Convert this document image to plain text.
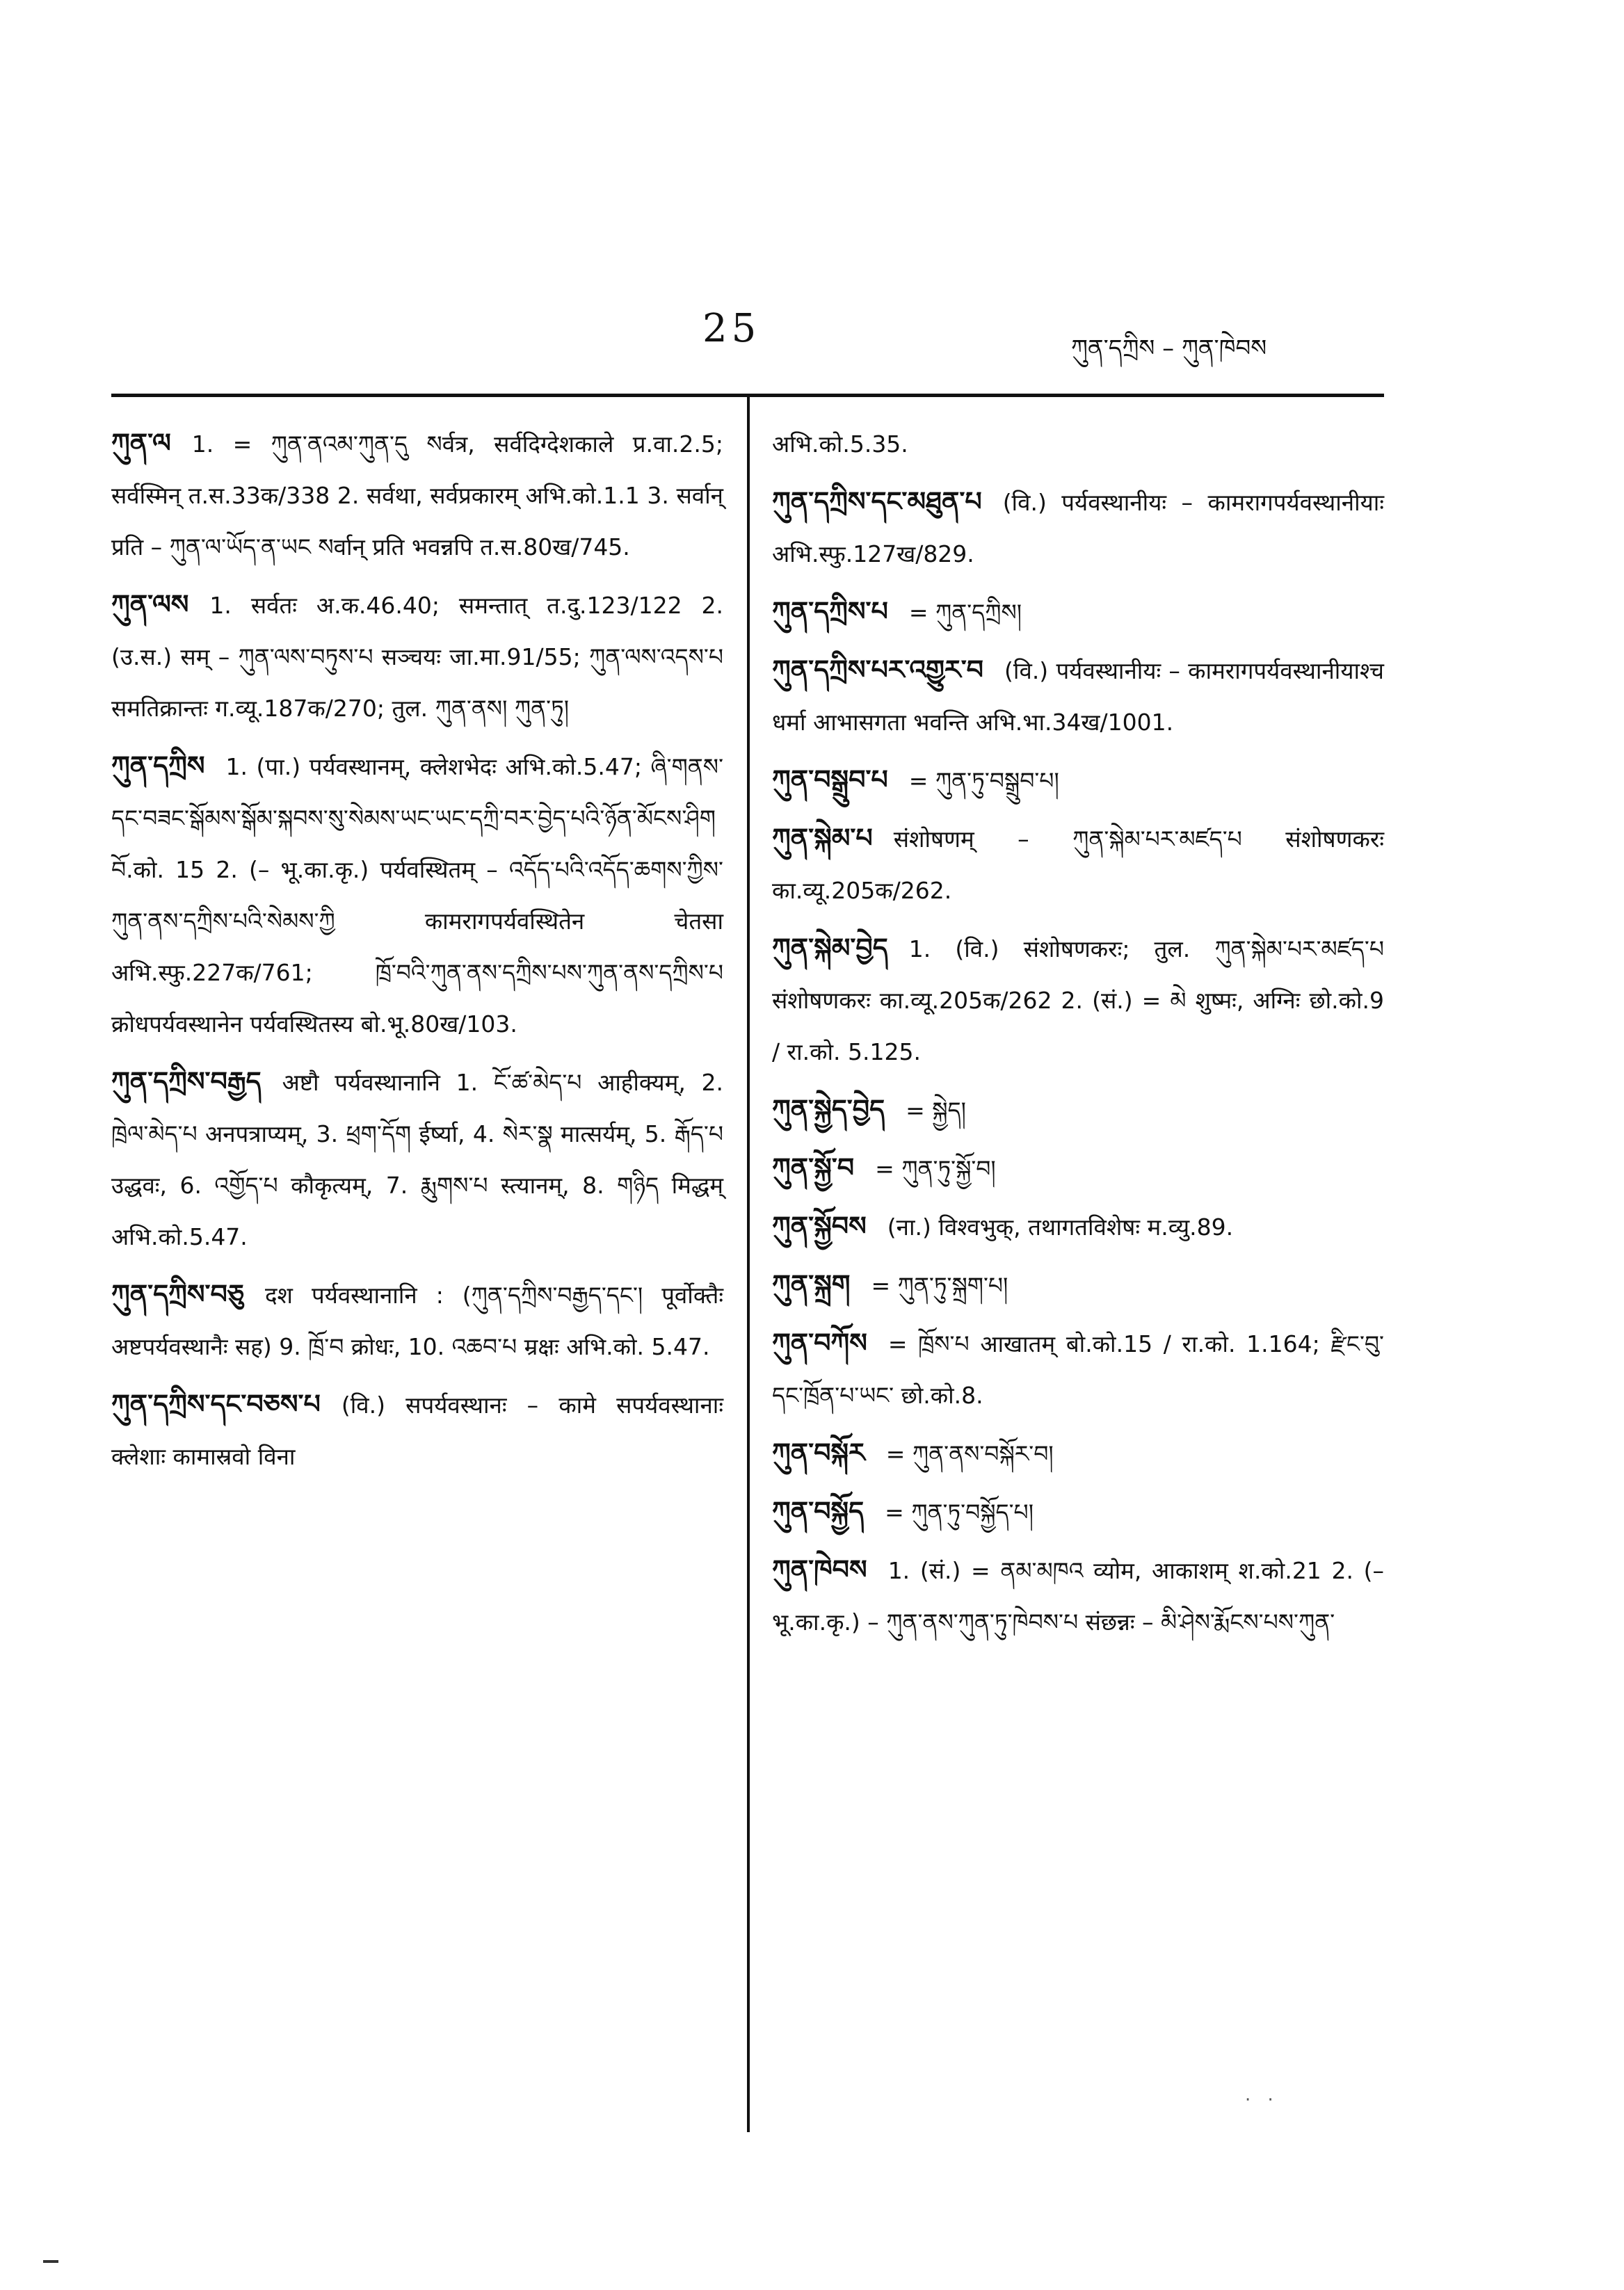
25	ཀུན་དཀྲིས – ཀུན་ཁེབས

ཀུན་ལ 1. = ཀུན་ནའམ་ཀུན་དུ སर्वत्र, सर्वदिग्देशकाले प्र.वा.2.5; सर्वस्मिन् त.स.33क/338 2. सर्वथा, सर्वप्रकारम् अभि.को.1.1 3. सर्वान् प्रति – ཀུན་ལ་ཡོད་ན་ཡང སर्वान् प्रति भवन्नपि त.स.80ख/745.

ཀུན་ལས 1. सर्वतः अ.क.46.40; समन्तात् त.दु.123/122 2. (उ.स.) सम् – ཀུན་ལས་བཏུས་པ सञ्चयः जा.मा.91/55; ཀུན་ལས་འདས་པ समतिक्रान्तः ग.व्यू.187क/270; तुल. ཀུན་ནས། ཀུན་ཏུ།

ཀུན་དཀྲིས 1. (पा.) पर्यवस्थानम्, क्लेशभेदः अभि.को.5.47; ཞི་གནས་དང་བཟང་སྒོམས་སྒོམ་སྐབས་སུ་སེམས་ཡང་ཡང་དཀྲི་བར་བྱེད་པའི་ཉོན་མོངས་ཤིག བོ.को. 15 2. (– भू.का.कृ.) पर्यवस्थितम् – འདོད་པའི་འདོད་ཆགས་ཀྱིས་ཀུན་ནས་དཀྲིས་པའི་སེམས་ཀྱི कामरागपर्यवस्थितेन चेतसा अभि.स्फु.227क/761; ཁྲོ་བའི་ཀུན་ནས་དཀྲིས་པས་ཀུན་ནས་དཀྲིས་པ क्रोधपर्यवस्थानेन पर्यवस्थितस्य बो.भू.80ख/103.

ཀུན་དཀྲིས་བརྒྱད अष्टौ पर्यवस्थानानि 1. ངོ་ཚ་མེད་པ आहीक्यम्, 2. ཁྲེལ་མེད་པ अनपत्राप्यम्, 3. ཕྲག་དོག ईर्ष्या, 4. སེར་སྣ मात्सर्यम्, 5. རྒོད་པ उद्धवः, 6. འགྱོད་པ कौकृत्यम्, 7. རྨུགས་པ स्त्यानम्, 8. གཉིད मिद्धम् अभि.को.5.47.

ཀུན་དཀྲིས་བཅུ दश पर्यवस्थानानि : (ཀུན་དཀྲིས་བརྒྱད་དང་། पूर्वोक्तैः अष्टपर्यवस्थानैः सह) 9. ཁྲོ་བ क्रोधः, 10. འཆབ་པ म्रक्षः अभि.को. 5.47.

ཀུན་དཀྲིས་དང་བཅས་པ (वि.) सपर्यवस्थानः – कामे सपर्यवस्थानाः क्लेशाः कामास्रवो विना

अभि.को.5.35.

ཀུན་དཀྲིས་དང་མཐུན་པ (वि.) पर्यवस्थानीयः – कामरागपर्यवस्थानीयाः अभि.स्फु.127ख/829.

ཀུན་དཀྲིས་པ = ཀུན་དཀྲིས།

ཀུན་དཀྲིས་པར་འགྱུར་བ (वि.) पर्यवस्थानीयः – कामरागपर्यवस्थानीयाश्च धर्मा आभासगता भवन्ति अभि.भा.34ख/1001.

ཀུན་བསྒྲུབ་པ = ཀུན་ཏུ་བསྒྲུབ་པ།

ཀུན་སྐེམ་པ संशोषणम् – ཀུན་སྐེམ་པར་མཛད་པ संशोषणकरः का.व्यू.205क/262.

ཀུན་སྐེམ་བྱེད 1. (वि.) संशोषणकरः; तुल. ཀུན་སྐེམ་པར་མཛད་པ संशोषणकरः का.व्यू.205क/262 2. (सं.) = མེ शुष्मः, अग्निः छो.को.9 / रा.को. 5.125.

ཀུན་སྐྱེད་བྱེད = སྐྱེད།

ཀུན་སྐྱོ་བ = ཀུན་ཏུ་སྐྱོ་བ།

ཀུན་སྐྱོབས (ना.) विश्वभुक्, तथागतविशेषः म.व्यु.89.

ཀུན་སྐྲག = ཀུན་ཏུ་སྐྲག་པ།

ཀུན་བཀོས = ཁྲོས་པ आखातम् बो.को.15 / रा.को. 1.164; རྫིང་བུ་དང་ཁྲོན་པ་ཡང་ छो.को.8.

ཀུན་བསྐོར = ཀུན་ནས་བསྐོར་བ།

ཀུན་བསྐྱོད = ཀུན་ཏུ་བསྐྱོད་པ།

ཀུན་ཁེབས 1. (सं.) = ནམ་མཁའ व्योम, आकाशम् श.को.21 2. (– भू.का.कृ.) – ཀུན་ནས་ཀུན་ཏུ་ཁེབས་པ संछन्नः – མི་ཤེས་རྨོངས་པས་ཀུན་

· ·
